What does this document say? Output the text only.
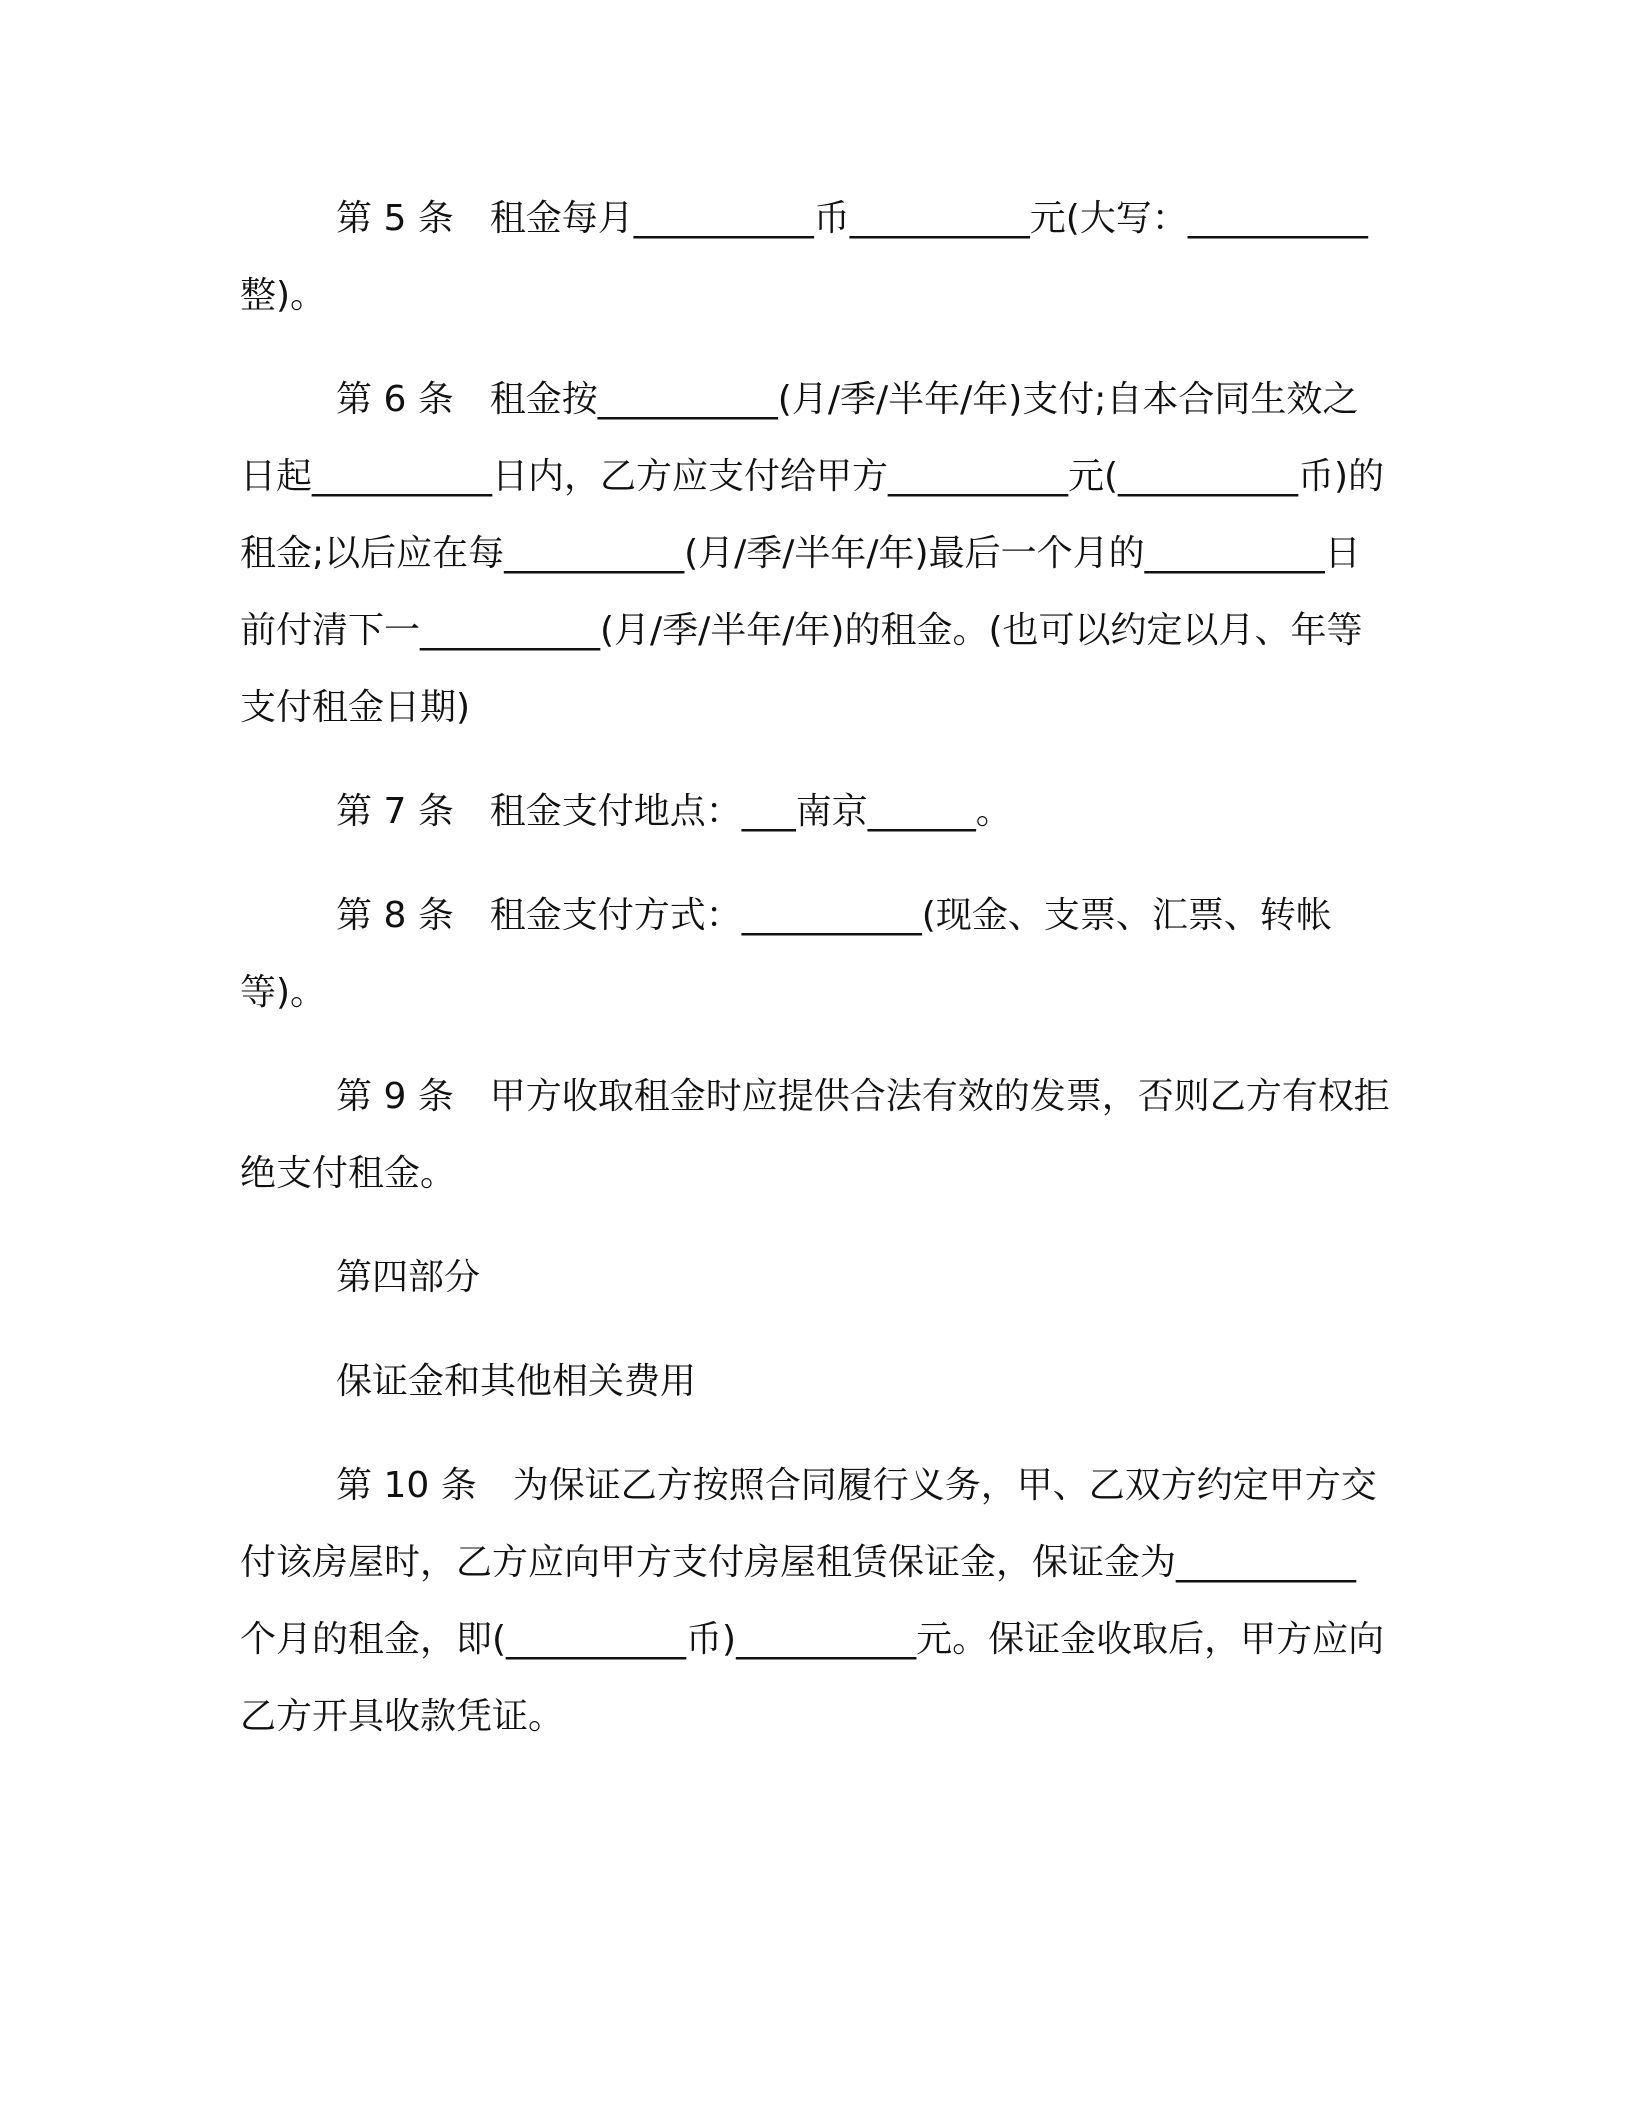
第 5 条　租金每月__________币__________元(大写：__________整)。

第 6 条　租金按__________(月/季/半年/年)支付;自本合同生效之日起__________日内，乙方应支付给甲方__________元(__________币)的租金;以后应在每__________(月/季/半年/年)最后一个月的__________日前付清下一__________(月/季/半年/年)的租金。(也可以约定以月、年等支付租金日期)

第 7 条　租金支付地点：___南京______。

第 8 条　租金支付方式：__________(现金、支票、汇票、转帐等)。

第 9 条　甲方收取租金时应提供合法有效的发票，否则乙方有权拒绝支付租金。

第四部分

保证金和其他相关费用

第 10 条　为保证乙方按照合同履行义务，甲、乙双方约定甲方交付该房屋时，乙方应向甲方支付房屋租赁保证金，保证金为__________个月的租金，即(__________币)__________元。保证金收取后，甲方应向乙方开具收款凭证。
